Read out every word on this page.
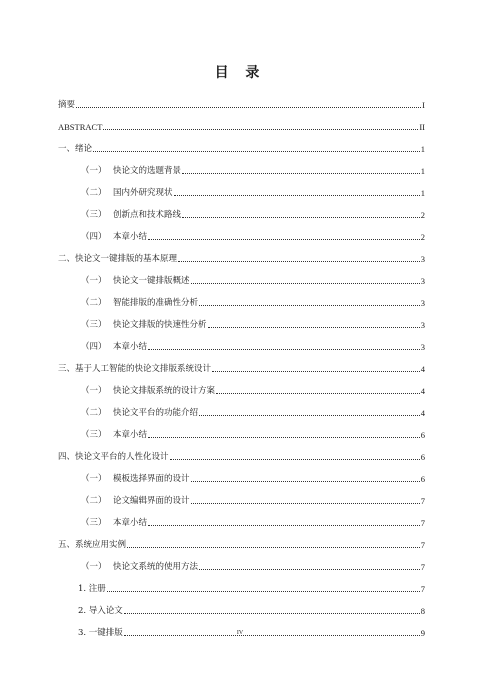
目 录
摘要	I
ABSTRACT	II
一、绪论	1
（一） 快论文的选题背景	1
（二） 国内外研究现状	1
（三） 创新点和技术路线	2
（四） 本章小结	2
二、快论文一键排版的基本原理	3
（一） 快论文一键排版概述	3
（二） 智能排版的准确性分析	3
（三） 快论文排版的快速性分析	3
（四） 本章小结	3
三、基于人工智能的快论文排版系统设计	4
（一） 快论文排版系统的设计方案	4
（二） 快论文平台的功能介绍	4
（三） 本章小结	6
四、快论文平台的人性化设计	6
（一） 模板选择界面的设计	6
（二） 论文编辑界面的设计	7
（三） 本章小结	7
五、系统应用实例	7
（一） 快论文系统的使用方法	7
1. 注册	7
2. 导入论文	8
3. 一键排版	9
IV
